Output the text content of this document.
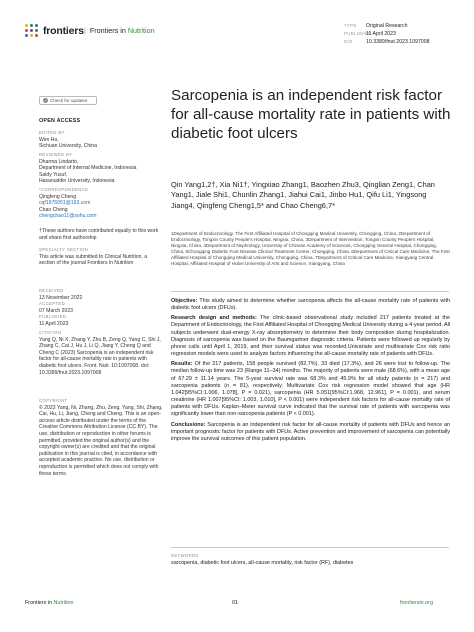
frontiers | Frontiers in Nutrition
TYPE Original Research
PUBLISHED11 April 2023
DOI	10.3389/fnut.2023.1097008
✓ Check for updates
OPEN ACCESS
EDITED BY
Wen Hu,
Sichuan University, China
REVIEWED BY
Dharma Lindarto,
Department of Internal Medicine, Indonesia
Saldy Yusuf,
Hasanuddin University, Indonesia
*CORRESPONDENCE
Qingfeng Cheng
cqf1976051@163.com
Chao Cheng
chengchao11@sohu.com
†These authors have contributed equally to this work and share first authorship
SPECIALTY SECTION
This article was submitted to Clinical Nutrition, a section of the journal Frontiers in Nutrition
RECEIVED
13 November 2022
ACCEPTED
07 March 2023
PUBLISHED
11 April 2023
CITATION
Yang Q, Ni X, Zhang Y, Zhu B, Zeng Q, Yang C, Shi J, Zhang C, Cai J, Hu J, Li Q, Jiang Y, Cheng Q and Cheng C (2023) Sarcopenia is an independent risk factor for all-cause mortality rate in patients with diabetic foot ulcers. Front. Nutr. 10:1097008. doi: 10.3389/fnut.2023.1097008
COPYRIGHT
© 2023 Yang, Ni, Zhang, Zhu, Zeng, Yang, Shi, Zhang, Cai, Hu, Li, Jiang, Cheng and Cheng. This is an open-access article distributed under the terms of the Creative Commons Attribution License (CC BY). The use, distribution or reproduction in other forums is permitted, provided the original author(s) and the copyright owner(s) are credited and that the original publication in this journal is cited, in accordance with accepted academic practice. No use, distribution or reproduction is permitted which does not comply with these terms.
Sarcopenia is an independent risk factor for all-cause mortality rate in patients with diabetic foot ulcers
Qin Yang1,2†, Xia Ni1†, Yingxiao Zhang1, Baozhen Zhu3, Qinglian Zeng1, Chan Yang1, Jiale Shi1, Chunlin Zhang1, Jiahui Cai1, Jinbo Hu1, Qifu Li1, Yingsong Jiang4, Qingfeng Cheng1,5* and Chao Cheng6,7*
1Department of Endocrinology, The First Affiliated Hospital of Chongqing Medical University, Chongqing, China, 2Department of Endocrinology, Tongxin County People's Hospital, Ningxia, China, 3Department of Intervention, Tongxin County People's Hospital, Ningxia, China, 4Department of Nephrology, University of Chinese Academy of Sciences, Chongqing General Hospital, Chongqing, China, 5Chongqing Diabetic Foot Disease Clinical Treatment Center, Chongqing, China, 6Department of Critical Care Medicine, The First Affiliated Hospital of Chongqing Medical University, Chongqing, China, 7Department of Critical Care Medicine, Xiangyang Central Hospital, Affiliated Hospital of Hubei University of Arts and Science, Xiangyang, China

Objective: This study aimed to determine whether sarcopenia affects the all-cause mortality rate of patients with diabetic foot ulcers (DFUs).

Research design and methods: The clinic-based observational study included 217 patients treated at the Department of Endocrinology, the First Affiliated Hospital of Chongqing Medical University during a 4-year period. All subjects underwent dual-energy X-ray absorptiometry to determine their body composition during hospitalization. Diagnosis of sarcopenia was based on the Baumgartner diagnostic criteria. Patients were followed up regularly by phone calls until April 1, 2019, and their survival status was recorded.Univariate and multivariate Cox risk ratio regression models were used to analyze factors influencing the all-cause mortality rate of patients with DFUs.

Results: Of the 217 patients, 158 people survived (82.7%), 33 died (17.3%), and 26 were lost to follow-up. The median follow-up time was 23 (Range 11–34) months. The majority of patients were male (68.6%), with a mean age of 67.29 ± 11.14 years. The 5-year survival rate was 68.3% and 45.9% for all study patients (n = 217) and sarcopenia patients (n = 81), respectively. Multivariate Cox risk regression model showed that age (HR 1.042[95%CI:1.006, 1.078], P = 0.021), sarcopenia (HR 5.051[95%CI:1.968, 12.961], P = 0.001), and serum creatinine (HR 1.007[95%CI: 1.003, 1.010], P < 0.001) were independent risk factors for all-cause mortality rate of patients with DFUs. Kaplan–Meier survival curve indicated that the survival rate of patients with sarcopenia was significantly lower than non-sarcopenia patients (P < 0.001).

Conclusions: Sarcopenia is an independent risk factor for all-cause mortality of patients with DFUs and hence an important prognostic factor for patients with DFUs. Active prevention and improvement of sarcopenia can potentially improve the survival outcomes of this patient population.

KEYWORDS
sarcopenia, diabetic foot ulcers, all-cause mortality, risk factor (RF), diabetes
Frontiers in Nutrition	01	frontiersin.org
